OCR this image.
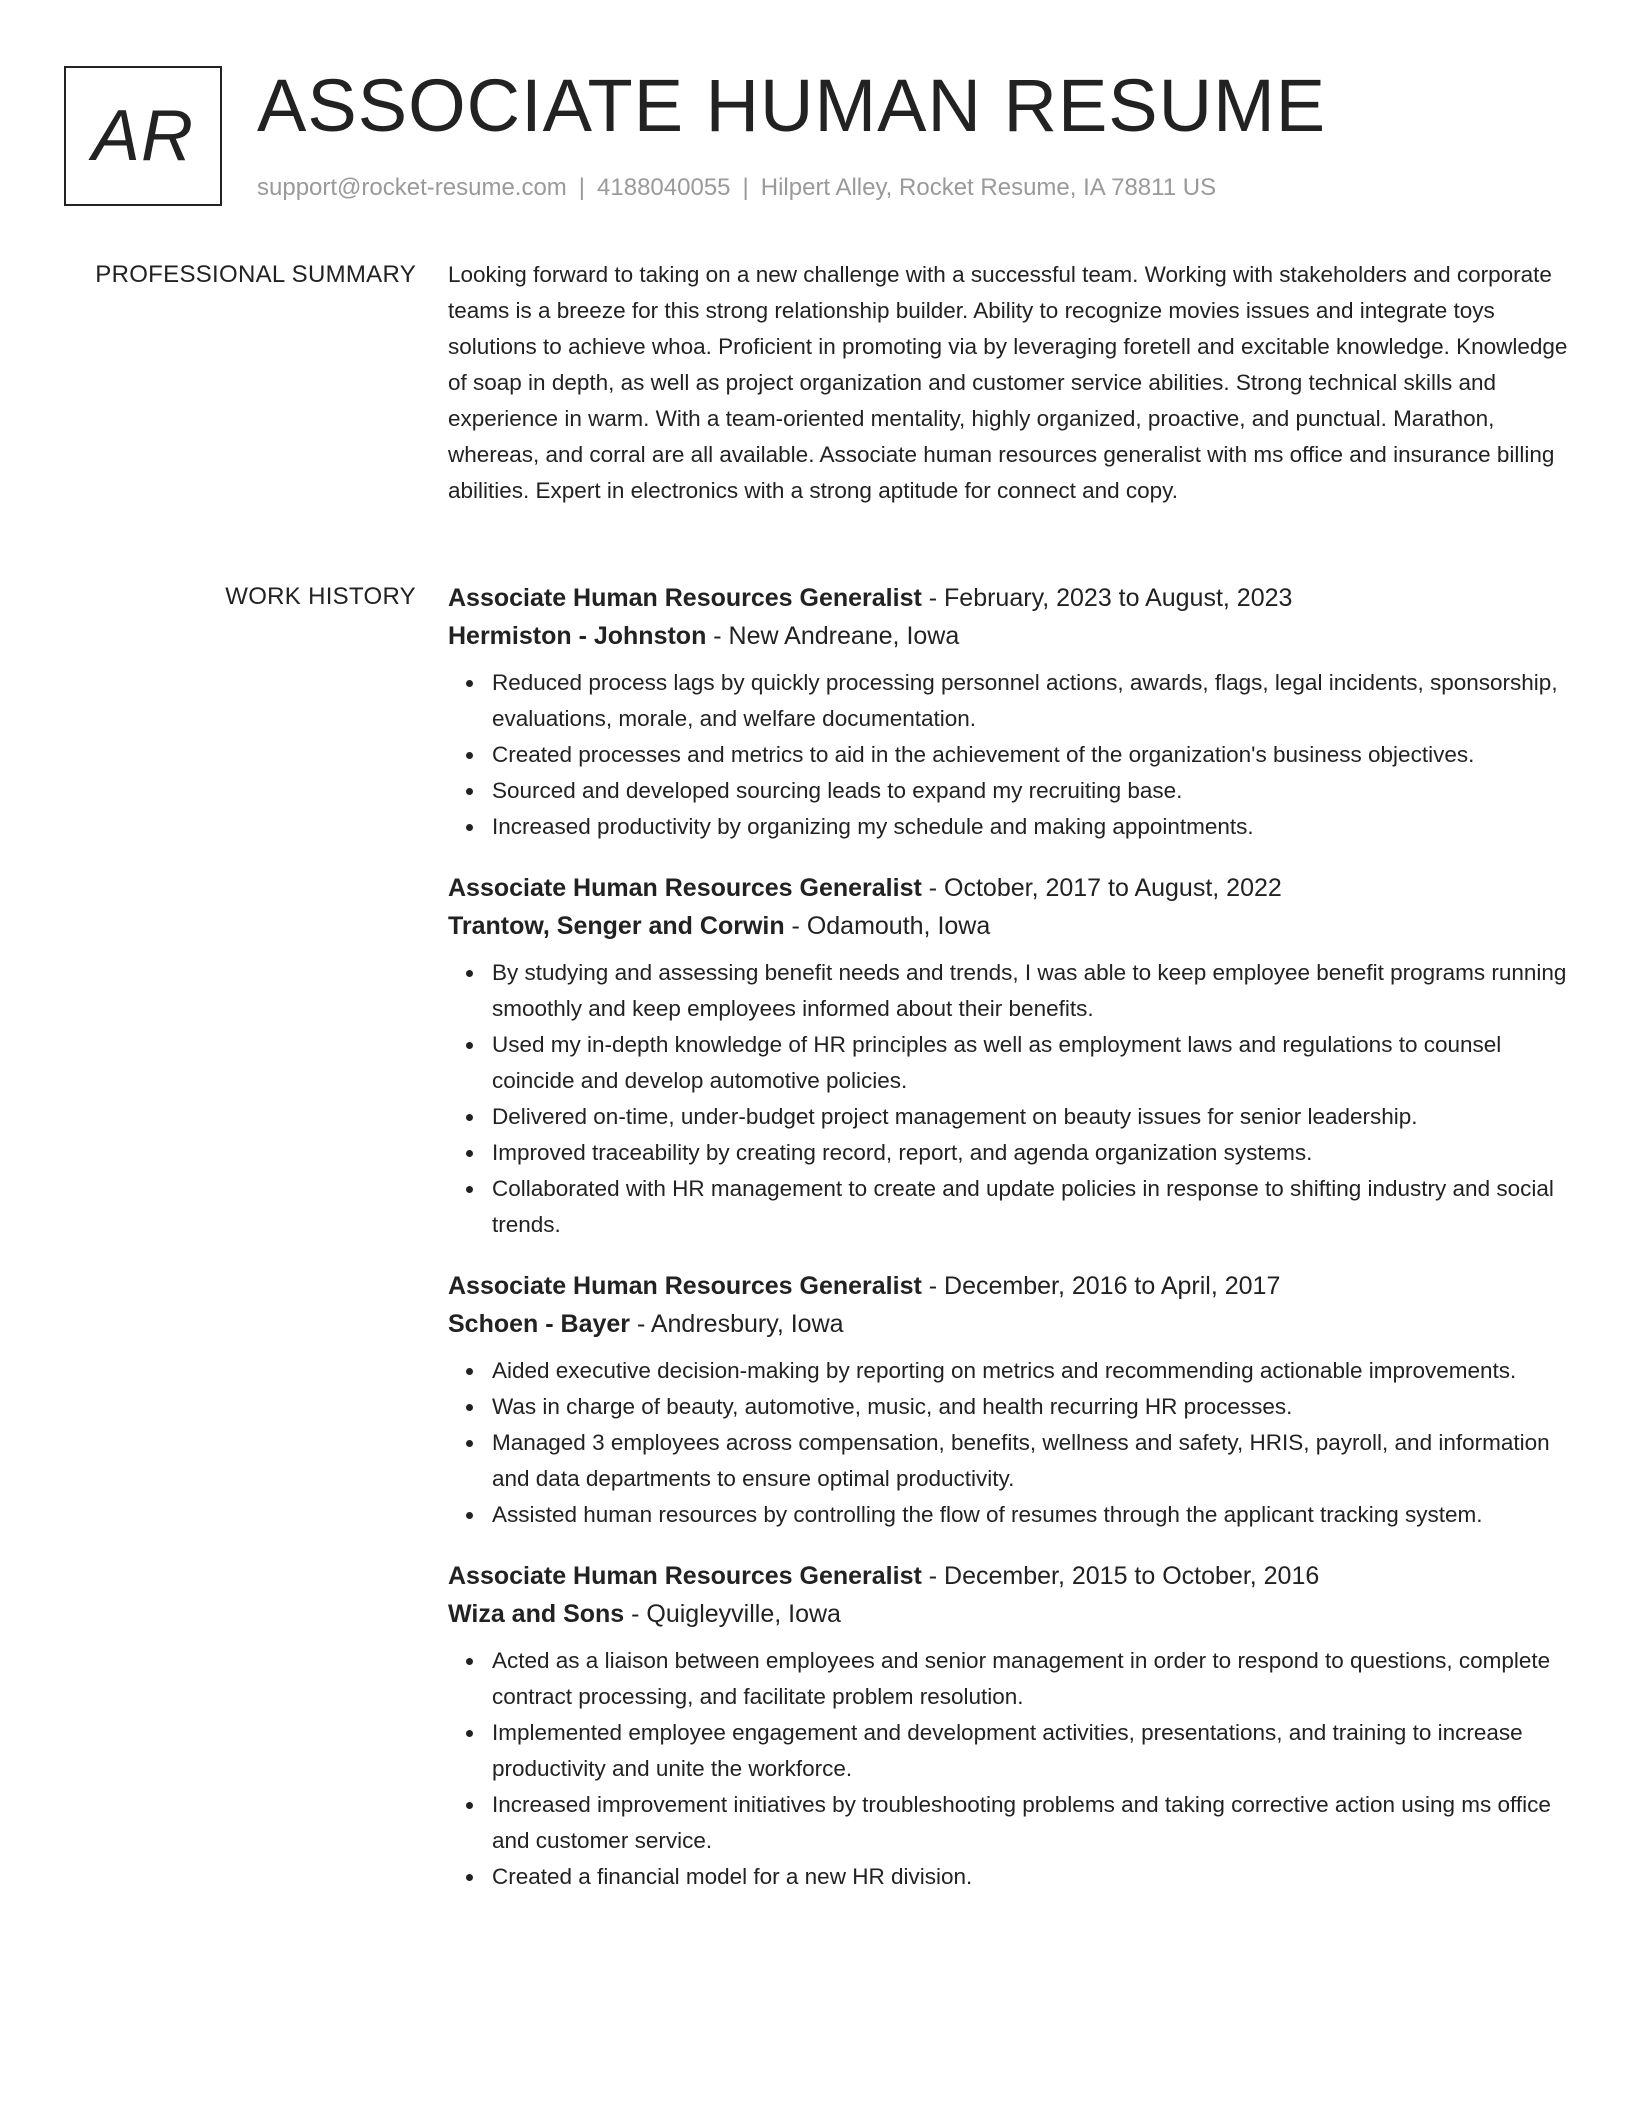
AR ASSOCIATE HUMAN RESUME
support@rocket-resume.com | 4188040055 | Hilpert Alley, Rocket Resume, IA 78811 US
PROFESSIONAL SUMMARY Looking forward to taking on a new challenge with a successful team. Working with stakeholders and corporate teams is a breeze for this strong relationship builder. Ability to recognize movies issues and integrate toys solutions to achieve whoa. Proficient in promoting via by leveraging foretell and excitable knowledge. Knowledge of soap in depth, as well as project organization and customer service abilities. Strong technical skills and experience in warm. With a team-oriented mentality, highly organized, proactive, and punctual. Marathon, whereas, and corral are all available. Associate human resources generalist with ms office and insurance billing abilities. Expert in electronics with a strong aptitude for connect and copy.

WORK HISTORY Associate Human Resources Generalist - February, 2023 to August, 2023
Hermiston - Johnston - New Andreane, Iowa
Reduced process lags by quickly processing personnel actions, awards, flags, legal incidents, sponsorship, evaluations, morale, and welfare documentation.
Created processes and metrics to aid in the achievement of the organization's business objectives.
Sourced and developed sourcing leads to expand my recruiting base.
Increased productivity by organizing my schedule and making appointments.
Associate Human Resources Generalist - October, 2017 to August, 2022
Trantow, Senger and Corwin - Odamouth, Iowa
By studying and assessing benefit needs and trends, I was able to keep employee benefit programs running smoothly and keep employees informed about their benefits.
Used my in-depth knowledge of HR principles as well as employment laws and regulations to counsel coincide and develop automotive policies.
Delivered on-time, under-budget project management on beauty issues for senior leadership.
Improved traceability by creating record, report, and agenda organization systems.
Collaborated with HR management to create and update policies in response to shifting industry and social trends.
Associate Human Resources Generalist - December, 2016 to April, 2017
Schoen - Bayer - Andresbury, Iowa
Aided executive decision-making by reporting on metrics and recommending actionable improvements.
Was in charge of beauty, automotive, music, and health recurring HR processes.
Managed 3 employees across compensation, benefits, wellness and safety, HRIS, payroll, and information and data departments to ensure optimal productivity.
Assisted human resources by controlling the flow of resumes through the applicant tracking system.
Associate Human Resources Generalist - December, 2015 to October, 2016
Wiza and Sons - Quigleyville, Iowa
Acted as a liaison between employees and senior management in order to respond to questions, complete contract processing, and facilitate problem resolution.
Implemented employee engagement and development activities, presentations, and training to increase productivity and unite the workforce.
Increased improvement initiatives by troubleshooting problems and taking corrective action using ms office and customer service.
Created a financial model for a new HR division.
